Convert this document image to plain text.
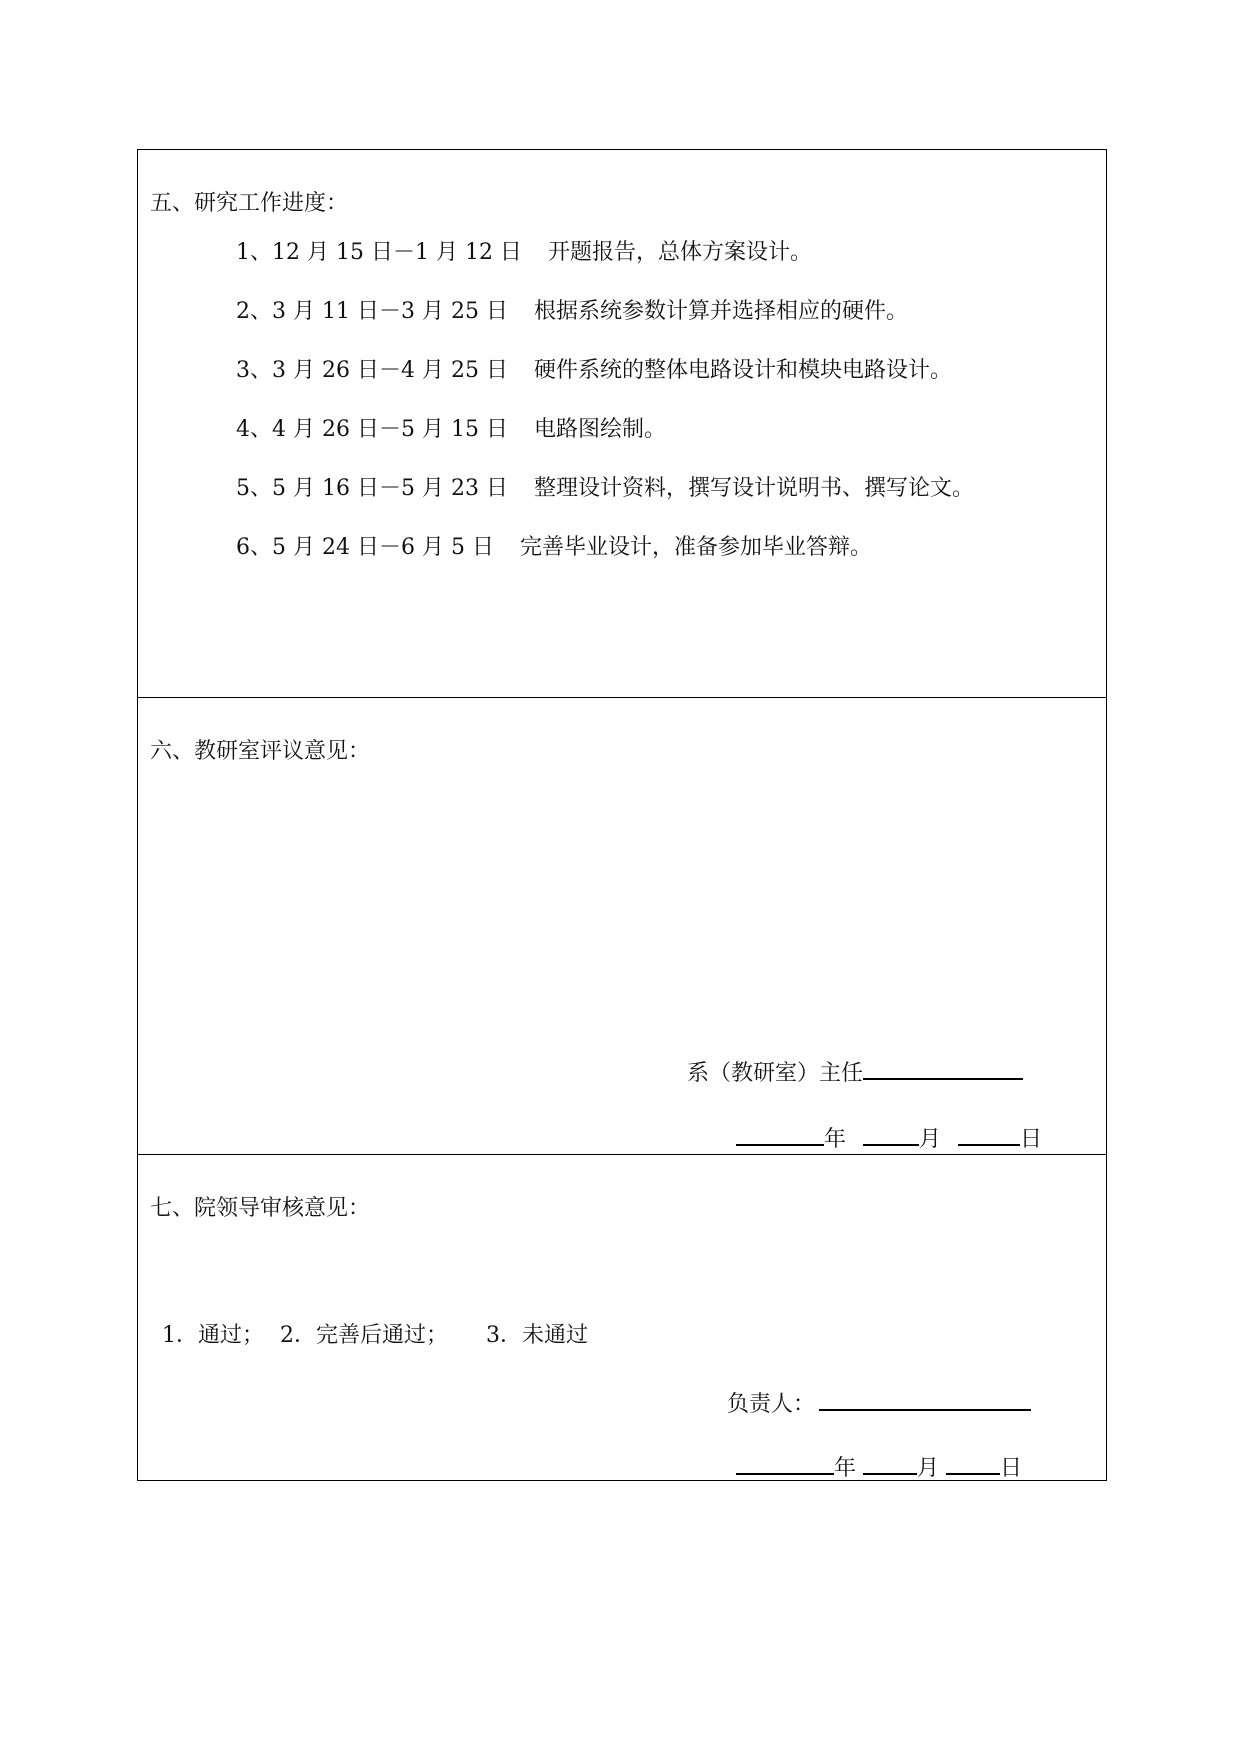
五、研究工作进度：
1、12 月 15 日－1 月 12 日 开题报告，总体方案设计。
2、3 月 11 日－3 月 25 日 根据系统参数计算并选择相应的硬件。
3、3 月 26 日－4 月 25 日 硬件系统的整体电路设计和模块电路设计。
4、4 月 26 日－5 月 15 日 电路图绘制。
5、5 月 16 日－5 月 23 日 整理设计资料，撰写设计说明书、撰写论文。
6、5 月 24 日－6 月 5 日 完善毕业设计，准备参加毕业答辩。
六、教研室评议意见：
系（教研室）主任
年	月	日
七、院领导审核意见：
1．通过； 2．完善后通过； 3．未通过
负责人：
年	月	日
